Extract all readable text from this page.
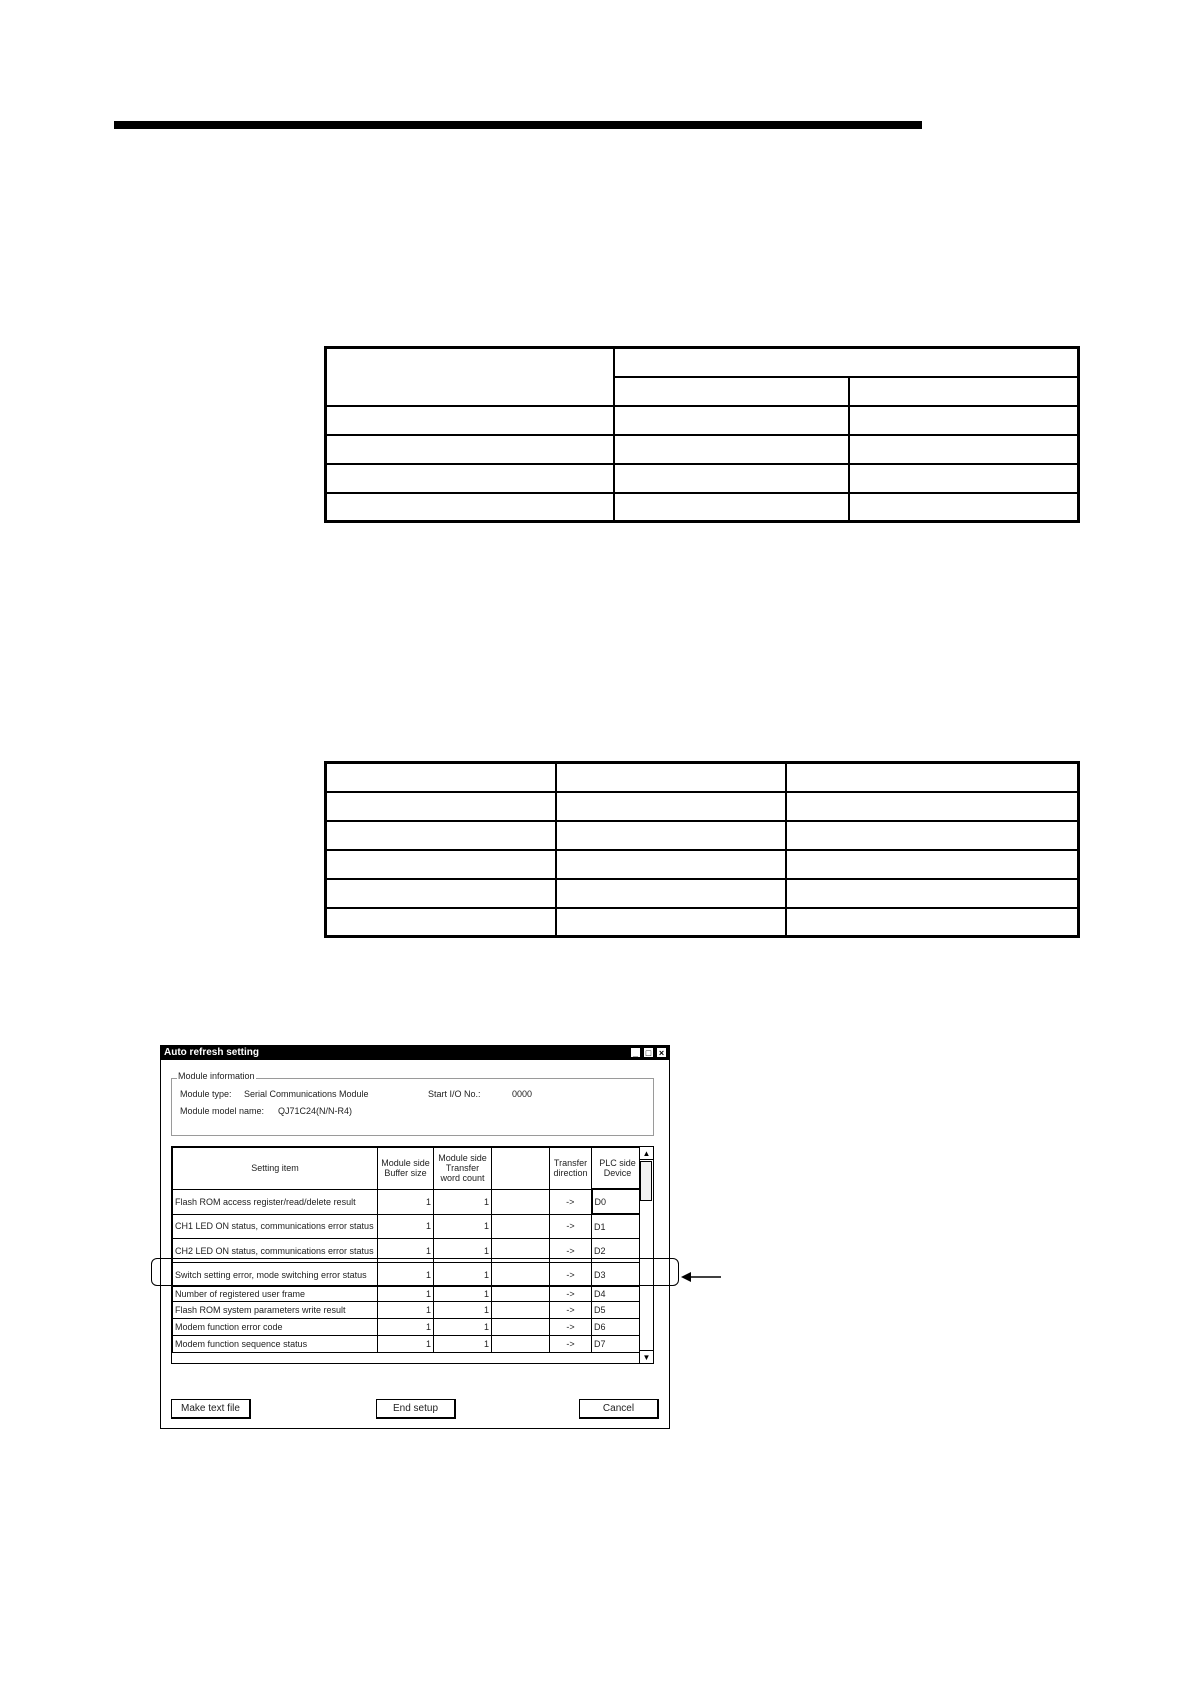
Auto refresh setting	_ □ ×
Module information
Module type: Serial Communications Module	Start I/O No.:	0000
Module model name: QJ71C24(N/N-R4)
Setting item	Module side Buffer size	Module side Transfer word count		Transfer direction	PLC side Device
Flash ROM access register/read/delete result	1	1		->	D0
CH1 LED ON status, communications error status	1	1		->	D1
CH2 LED ON status, communications error status	1	1		->	D2
Switch setting error, mode switching error status	1	1		->	D3
Number of registered user frame	1	1		->	D4
Flash ROM system parameters write result	1	1		->	D5
Modem function error code	1	1		->	D6
Modem function sequence status	1	1		->	D7
▲
▼
Make text file	End setup	Cancel
